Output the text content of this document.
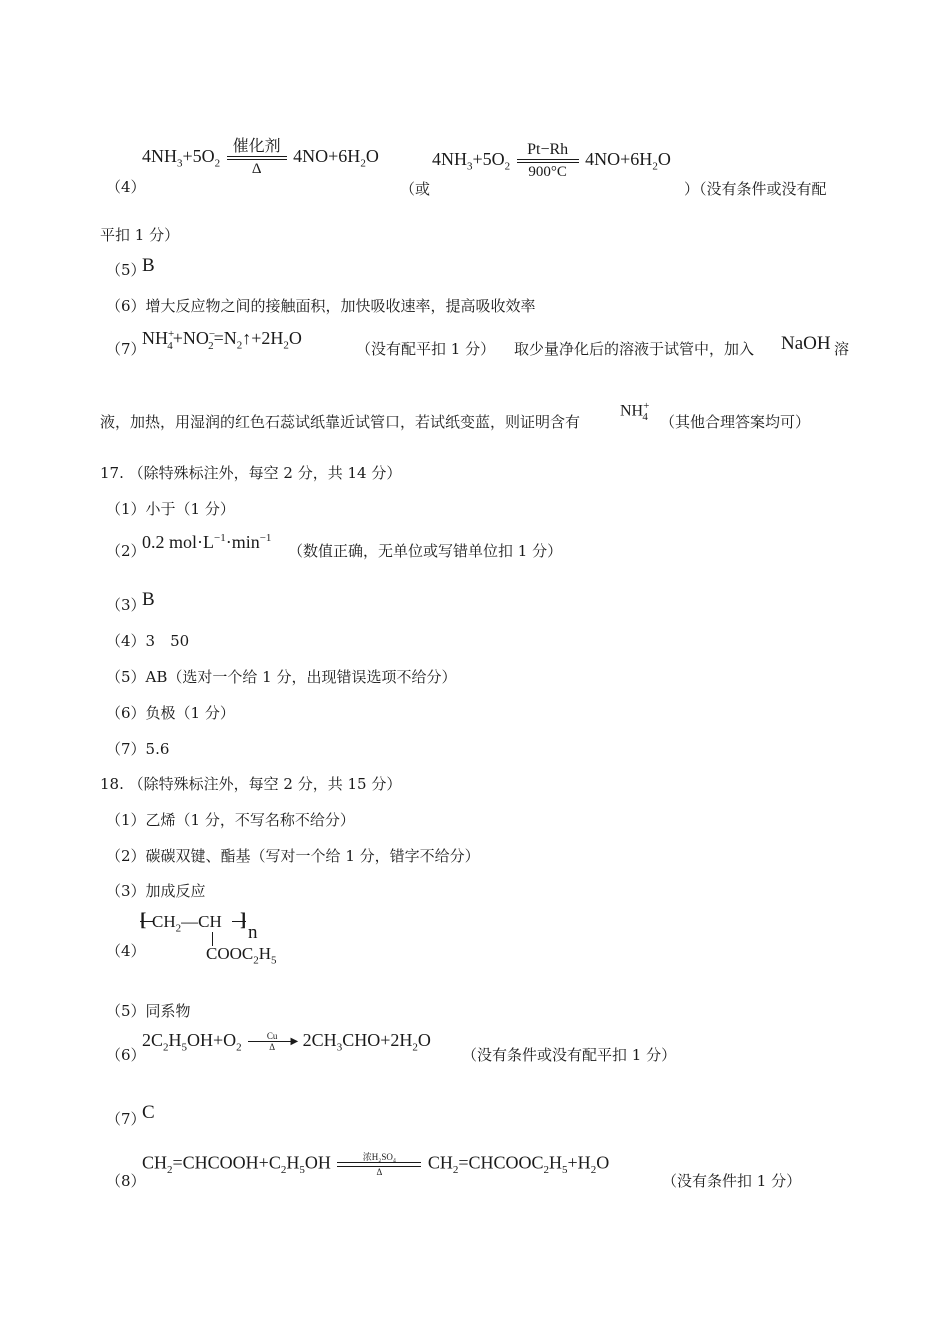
（4）
$4NH_3+5O_2$
催化剂
Δ
$4NO+6H_2O$
（或
$4NH_3+5O_2 \frac{Pt-Rh}{900^\circ C} 4NO+6H_2O$
）（没有条件或没有配
平扣 1 分）
（5）
B
（6）增大反应物之间的接触面积，加快吸收速率，提高吸收效率
（7）
$NH^+_4+NO^-_2=N_2↑+2H_2O$
（没有配平扣 1 分） 取少量净化后的溶液于试管中，加入 NaOH 溶
液，加热，用湿润的红色石蕊试纸靠近试管口，若试纸变蓝，则证明含有
$NH^+_4$ （其他合理答案均可）
17. （除特殊标注外，每空 2 分，共 14 分）
（1）小于（1 分）
（2）
0.2 $mol\cdot L^{-1}\cdot\min^{-1}$
（数值正确，无单位或写错单位扣 1 分）
（3）
B
（4）3　50
（5）AB（选对一个给 1 分，出现错误选项不给分）
（6）负极（1 分）
（7）5.6
18. （除特殊标注外，每空 2 分，共 15 分）
（1）乙烯（1 分，不写名称不给分）
（2）碳碳双键、酯基（写对一个给 1 分，错字不给分）
（3）加成反应
（4）
[ $CH_2—CH$ ]
n
$COOC_2H_5$
（5）同系物
（6）
$2C_2H_5OH+O_2$
Cu	▶
Δ	$2CH_3CHO+2H_2O$
（没有条件或没有配平扣 1 分）
（7）
C
（8）
$CH_2=CHCOOH+C_2H_5OH$	浓H₂SO₄
Δ	$CH_2=CHCOOC_2H_5+H_2O$
（没有条件扣 1 分）
